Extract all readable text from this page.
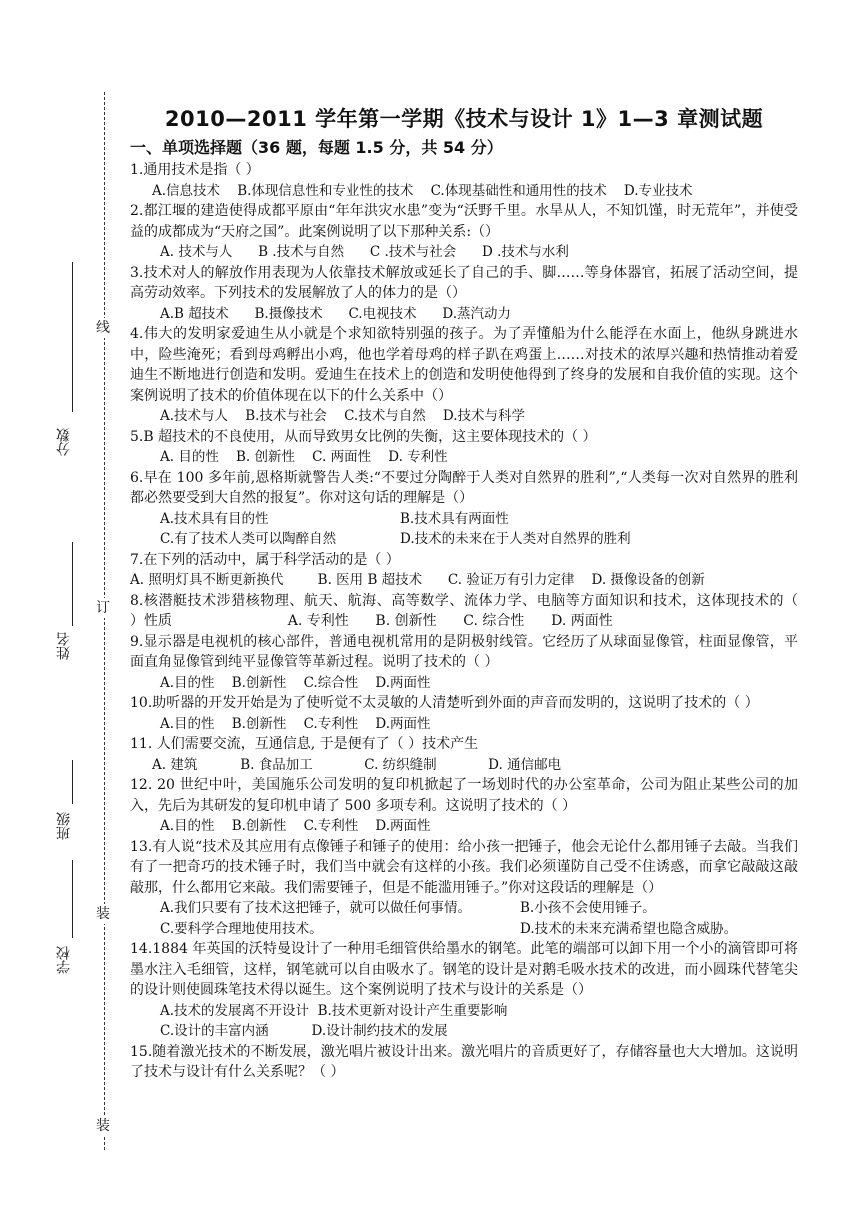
线
订
装
装
分数
姓名
班级
学校
2010—2011 学年第一学期《技术与设计 1》1—3 章测试题
一、单项选择题（36 题，每题 1.5 分，共 54 分）

1.通用技术是指（ ）

A.信息技术    B.体现信息性和专业性的技术    C.体现基础性和通用性的技术    D.专业技术

2.都江堰的建造使得成都平原由“年年洪灾水患”变为“沃野千里。水旱从人，不知饥馑，时无荒年”，并使受益的成都成为“天府之国”。此案例说明了以下那种关系:（）

A. 技术与人      B .技术与自然      C .技术与社会      D .技术与水利

3.技术对人的解放作用表现为人依靠技术解放或延长了自己的手、脚……等身体器官，拓展了活动空间，提高劳动效率。下列技术的发展解放了人的体力的是（）

A.B 超技术      B.摄像技术      C.电视技术      D.蒸汽动力

4.伟大的发明家爱迪生从小就是个求知欲特别强的孩子。为了弄懂船为什么能浮在水面上，他纵身跳进水中，险些淹死；看到母鸡孵出小鸡，他也学着母鸡的样子趴在鸡蛋上……对技术的浓厚兴趣和热情推动着爱迪生不断地进行创造和发明。爱迪生在技术上的创造和发明使他得到了终身的发展和自我价值的实现。这个案例说明了技术的价值体现在以下的什么关系中（）

A.技术与人    B.技术与社会    C.技术与自然    D.技术与科学

5.B 超技术的不良使用，从而导致男女比例的失衡，这主要体现技术的（ ）

A. 目的性    B. 创新性    C. 两面性    D. 专利性

6.早在 100 多年前,恩格斯就警告人类:“不要过分陶醉于人类对自然界的胜利”,“人类每一次对自然界的胜利都必然要受到大自然的报复”。你对这句话的理解是（）

A.技术具有目的性	B.技术具有两面性
C.有了技术人类可以陶醉自然	D.技术的未来在于人类对自然界的胜利

7.在下列的活动中，属于科学活动的是（ ）

A. 照明灯具不断更新换代        B. 医用 B 超技术      C. 验证万有引力定律    D. 摄像设备的创新

8.核潜艇技术涉猎核物理、航天、航海、高等数学、流体力学、电脑等方面知识和技术，这体现技术的（        ）性质                          A. 专利性      B. 创新性      C. 综合性      D. 两面性

9.显示器是电视机的核心部件，普通电视机常用的是阴极射线管。它经历了从球面显像管，柱面显像管，平面直角显像管到纯平显像管等革新过程。说明了技术的（ ）

A.目的性    B.创新性    C.综合性    D.两面性

10.助听器的开发开始是为了使听觉不太灵敏的人清楚听到外面的声音而发明的，这说明了技术的（ ）

A.目的性    B.创新性    C.专利性    D.两面性

11. 人们需要交流，互通信息, 于是便有了（ ）技术产生

A. 建筑          B. 食品加工            C. 纺织缝制            D. 通信邮电

12. 20 世纪中叶，美国施乐公司发明的复印机掀起了一场划时代的办公室革命，公司为阻止某些公司的加入，先后为其研发的复印机申请了 500 多项专利。这说明了技术的（ ）

A.目的性    B.创新性    C.专利性    D.两面性

13.有人说“技术及其应用有点像锤子和锤子的使用：给小孩一把锤子，他会无论什么都用锤子去敲。当我们有了一把奇巧的技术锤子时，我们当中就会有这样的小孩。我们必须谨防自己受不住诱惑，而拿它敲敲这敲敲那，什么都用它来敲。我们需要锤子，但是不能滥用锤子。”你对这段话的理解是（）

A.我们只要有了技术这把锤子，就可以做任何事情。	B.小孩不会使用锤子。
C.要科学合理地使用技术。	D.技术的未来充满希望也隐含威胁。

14.1884 年英国的沃特曼设计了一种用毛细管供给墨水的钢笔。此笔的端部可以卸下用一个小的滴管即可将墨水注入毛细管，这样，钢笔就可以自由吸水了。钢笔的设计是对鹅毛吸水技术的改进，而小圆珠代替笔尖的设计则使圆珠笔技术得以诞生。这个案例说明了技术与设计的关系是（）

A.技术的发展离不开设计  B.技术更新对设计产生重要影响
C.设计的丰富内涵          D.设计制约技术的发展

15.随着激光技术的不断发展，激光唱片被设计出来。激光唱片的音质更好了，存储容量也大大增加。这说明了技术与设计有什么关系呢？（ ）
